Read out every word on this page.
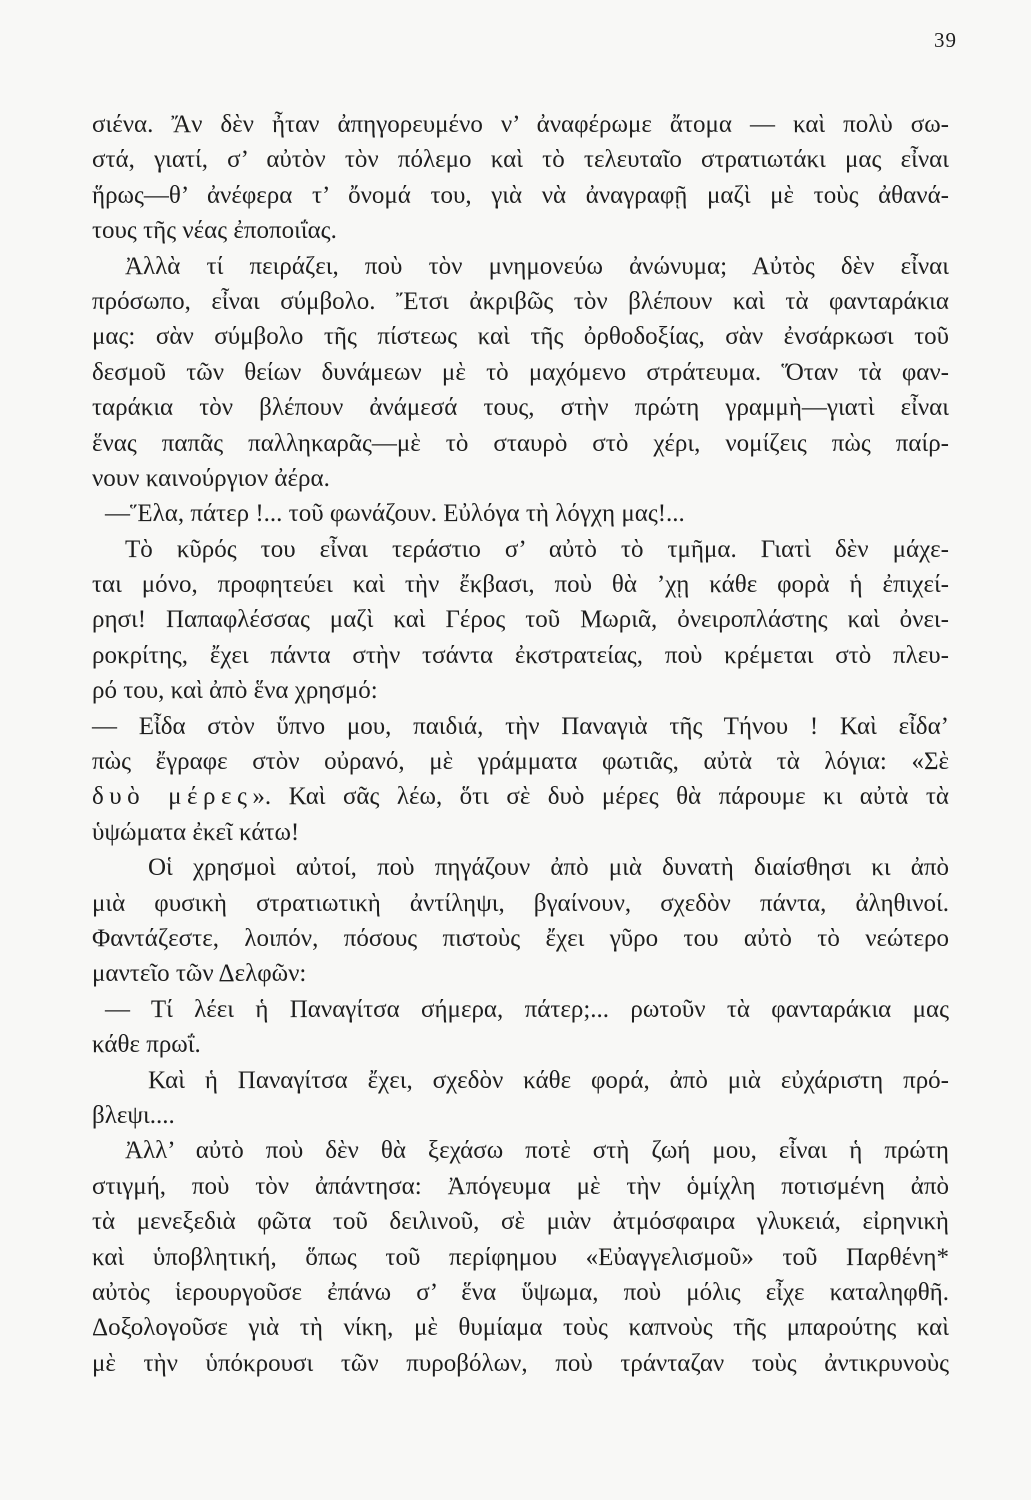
39
σιένα. Ἄν δὲν ἦταν ἀπηγορευμένο ν’ ἀναφέρωμε ἄτομα — καὶ πολὺ σω-
στά, γιατί, σ’ αὐτὸν τὸν πόλεμο καὶ τὸ τελευταῖο στρατιωτάκι μας εἶναι
ἥρως—θ’ ἀνέφερα τ’ ὄνομά του, γιὰ νὰ ἀναγραφῇ μαζὶ μὲ τοὺς ἀθανά-
τους τῆς νέας ἐποποιΐας.
Ἀλλὰ τί πειράζει, ποὺ τὸν μνημονεύω ἀνώνυμα; Αὐτὸς δὲν εἶναι
πρόσωπο, εἶναι σύμβολο. Ἔτσι ἀκριβῶς τὸν βλέπουν καὶ τὰ φανταράκια
μας: σὰν σύμβολο τῆς πίστεως καὶ τῆς ὀρθοδοξίας, σὰν ἐνσάρκωσι τοῦ
δεσμοῦ τῶν θείων δυνάμεων μὲ τὸ μαχόμενο στράτευμα. Ὅταν τὰ φαν-
ταράκια τὸν βλέπουν ἀνάμεσά τους, στὴν πρώτη γραμμὴ—γιατὶ εἶναι
ἕνας παπᾶς παλληκαρᾶς—μὲ τὸ σταυρὸ στὸ χέρι, νομίζεις πὼς παίρ-
νουν καινούργιον ἀέρα.
—Ἕλα, πάτερ !... τοῦ φωνάζουν. Εὐλόγα τὴ λόγχη μας!...
Τὸ κῦρός του εἶναι τεράστιο σ’ αὐτὸ τὸ τμῆμα. Γιατὶ δὲν μάχε-
ται μόνο, προφητεύει καὶ τὴν ἔκβασι, ποὺ θὰ ’χῃ κάθε φορὰ ἡ ἐπιχεί-
ρησι! Παπαφλέσσας μαζὶ καὶ Γέρος τοῦ Μωριᾶ, ὀνειροπλάστης καὶ ὀνει-
ροκρίτης, ἔχει πάντα στὴν τσάντα ἐκστρατείας, ποὺ κρέμεται στὸ πλευ-
ρό του, καὶ ἀπὸ ἕνα χρησμό:
— Εἶδα στὸν ὕπνο μου, παιδιά, τὴν Παναγιὰ τῆς Τήνου ! Καὶ εἶδα’
πὼς ἔγραφε στὸν οὐρανό, μὲ γράμματα φωτιᾶς, αὐτὰ τὰ λόγια: «Σὲ
δυὸ μέρες». Καὶ σᾶς λέω, ὅτι σὲ δυὸ μέρες θὰ πάρουμε κι αὐτὰ τὰ
ὑψώματα ἐκεῖ κάτω!
Οἱ χρησμοὶ αὐτοί, ποὺ πηγάζουν ἀπὸ μιὰ δυνατὴ διαίσθησι κι ἀπὸ
μιὰ φυσικὴ στρατιωτικὴ ἀντίληψι, βγαίνουν, σχεδὸν πάντα, ἀληθινοί.
Φαντάζεστε, λοιπόν, πόσους πιστοὺς ἔχει γῦρο του αὐτὸ τὸ νεώτερο
μαντεῖο τῶν Δελφῶν:
— Τί λέει ἡ Παναγίτσα σήμερα, πάτερ;... ρωτοῦν τὰ φανταράκια μας
κάθε πρωΐ.
Καὶ ἡ Παναγίτσα ἔχει, σχεδὸν κάθε φορά, ἀπὸ μιὰ εὐχάριστη πρό-
βλεψι....
Ἀλλ’ αὐτὸ ποὺ δὲν θὰ ξεχάσω ποτὲ στὴ ζωή μου, εἶναι ἡ πρώτη
στιγμή, ποὺ τὸν ἀπάντησα: Ἀπόγευμα μὲ τὴν ὁμίχλη ποτισμένη ἀπὸ
τὰ μενεξεδιὰ φῶτα τοῦ δειλινοῦ, σὲ μιὰν ἀτμόσφαιρα γλυκειά, εἰρηνικὴ
καὶ ὑποβλητική, ὅπως τοῦ περίφημου «Εὐαγγελισμοῦ» τοῦ Παρθένη*
αὐτὸς ἱερουργοῦσε ἐπάνω σ’ ἕνα ὕψωμα, ποὺ μόλις εἶχε καταληφθῆ.
Δοξολογοῦσε γιὰ τὴ νίκη, μὲ θυμίαμα τοὺς καπνοὺς τῆς μπαρούτης καὶ
μὲ τὴν ὑπόκρουσι τῶν πυροβόλων, ποὺ τράνταζαν τοὺς ἀντικρυνοὺς
